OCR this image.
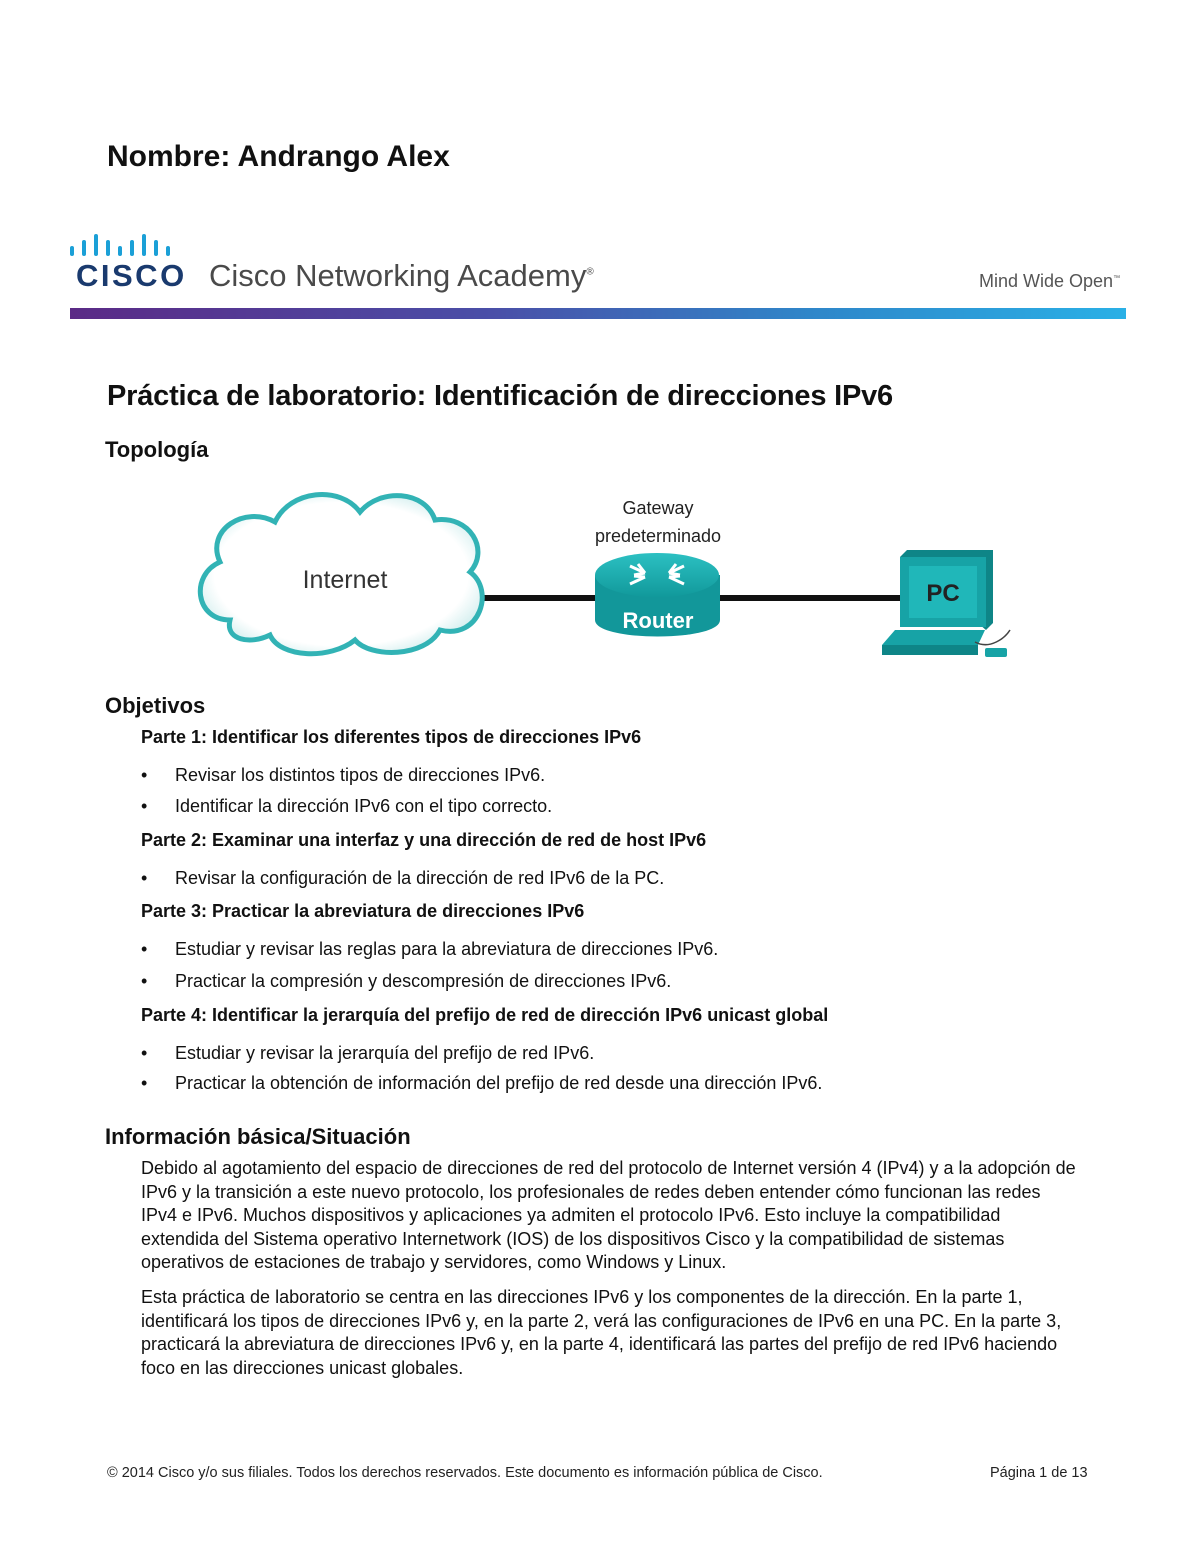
Nombre: Andrango Alex
CISCO Cisco Networking Academy®	Mind Wide Open™
Práctica de laboratorio: Identificación de direcciones IPv6
Topología
Internet
Router
Gateway
predeterminado
PC
Objetivos
Parte 1: Identificar los diferentes tipos de direcciones IPv6
• Revisar los distintos tipos de direcciones IPv6.
• Identificar la dirección IPv6 con el tipo correcto.
Parte 2: Examinar una interfaz y una dirección de red de host IPv6
• Revisar la configuración de la dirección de red IPv6 de la PC.
Parte 3: Practicar la abreviatura de direcciones IPv6
• Estudiar y revisar las reglas para la abreviatura de direcciones IPv6.
• Practicar la compresión y descompresión de direcciones IPv6.
Parte 4: Identificar la jerarquía del prefijo de red de dirección IPv6 unicast global
• Estudiar y revisar la jerarquía del prefijo de red IPv6.
• Practicar la obtención de información del prefijo de red desde una dirección IPv6.
Información básica/Situación
Debido al agotamiento del espacio de direcciones de red del protocolo de Internet versión 4 (IPv4) y a la adopción de IPv6 y la transición a este nuevo protocolo, los profesionales de redes deben entender cómo funcionan las redes IPv4 e IPv6. Muchos dispositivos y aplicaciones ya admiten el protocolo IPv6. Esto incluye la compatibilidad extendida del Sistema operativo Internetwork (IOS) de los dispositivos Cisco y la compatibilidad de sistemas operativos de estaciones de trabajo y servidores, como Windows y Linux.
Esta práctica de laboratorio se centra en las direcciones IPv6 y los componentes de la dirección. En la parte 1, identificará los tipos de direcciones IPv6 y, en la parte 2, verá las configuraciones de IPv6 en una PC. En la parte 3, practicará la abreviatura de direcciones IPv6 y, en la parte 4, identificará las partes del prefijo de red IPv6 haciendo foco en las direcciones unicast globales.
© 2014 Cisco y/o sus filiales. Todos los derechos reservados. Este documento es información pública de Cisco.	Página 1 de 13
